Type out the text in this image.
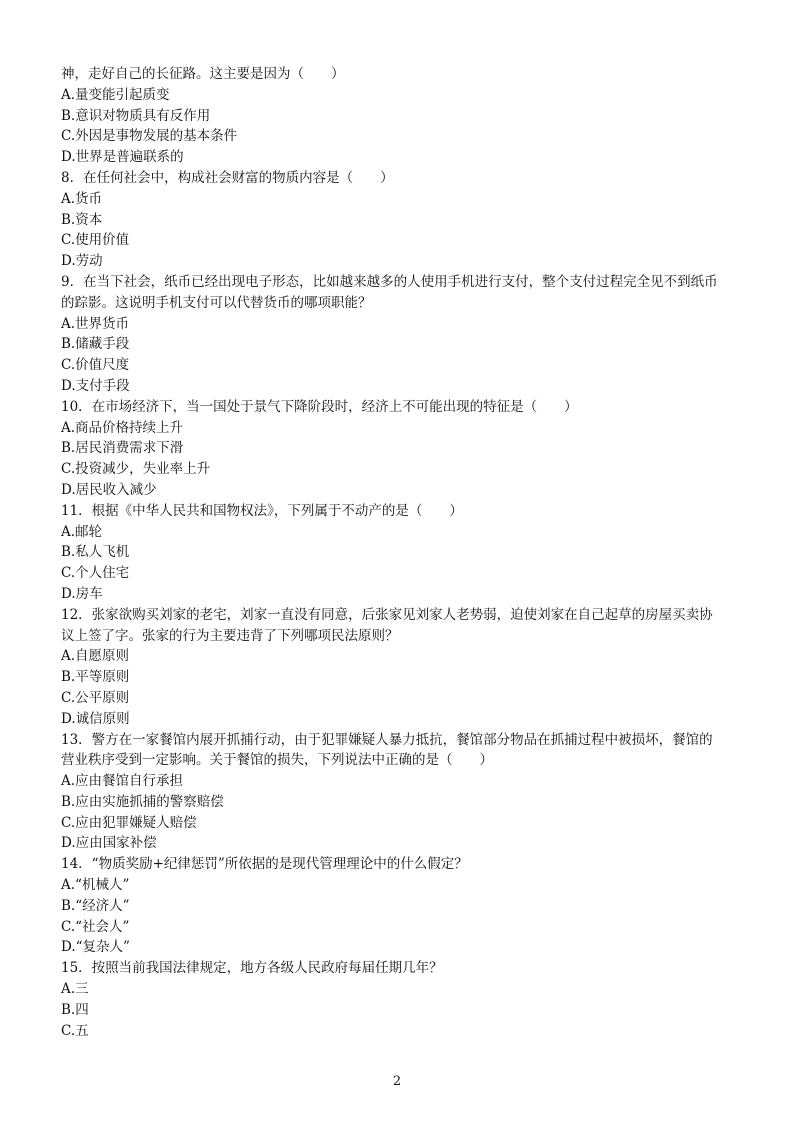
神，走好自己的长征路。这主要是因为（　　）
A.量变能引起质变
B.意识对物质具有反作用
C.外因是事物发展的基本条件
D.世界是普遍联系的
8．在任何社会中，构成社会财富的物质内容是（　　）
A.货币
B.资本
C.使用价值
D.劳动
9．在当下社会，纸币已经出现电子形态，比如越来越多的人使用手机进行支付，整个支付过程完全见不到纸币
的踪影。这说明手机支付可以代替货币的哪项职能？
A.世界货币
B.储藏手段
C.价值尺度
D.支付手段
10．在市场经济下，当一国处于景气下降阶段时，经济上不可能出现的特征是（　　）
A.商品价格持续上升
B.居民消费需求下滑
C.投资减少，失业率上升
D.居民收入减少
11．根据《中华人民共和国物权法》，下列属于不动产的是（　　）
A.邮轮
B.私人飞机
C.个人住宅
D.房车
12．张家欲购买刘家的老宅，刘家一直没有同意，后张家见刘家人老势弱，迫使刘家在自己起草的房屋买卖协
议上签了字。张家的行为主要违背了下列哪项民法原则？
A.自愿原则
B.平等原则
C.公平原则
D.诚信原则
13．警方在一家餐馆内展开抓捕行动，由于犯罪嫌疑人暴力抵抗，餐馆部分物品在抓捕过程中被损坏，餐馆的
营业秩序受到一定影响。关于餐馆的损失，下列说法中正确的是（　　）
A.应由餐馆自行承担
B.应由实施抓捕的警察赔偿
C.应由犯罪嫌疑人赔偿
D.应由国家补偿
14．“物质奖励+纪律惩罚”所依据的是现代管理理论中的什么假定？
A.“机械人”
B.“经济人”
C.“社会人”
D.“复杂人”
15．按照当前我国法律规定，地方各级人民政府每届任期几年？
A.三
B.四
C.五
2
